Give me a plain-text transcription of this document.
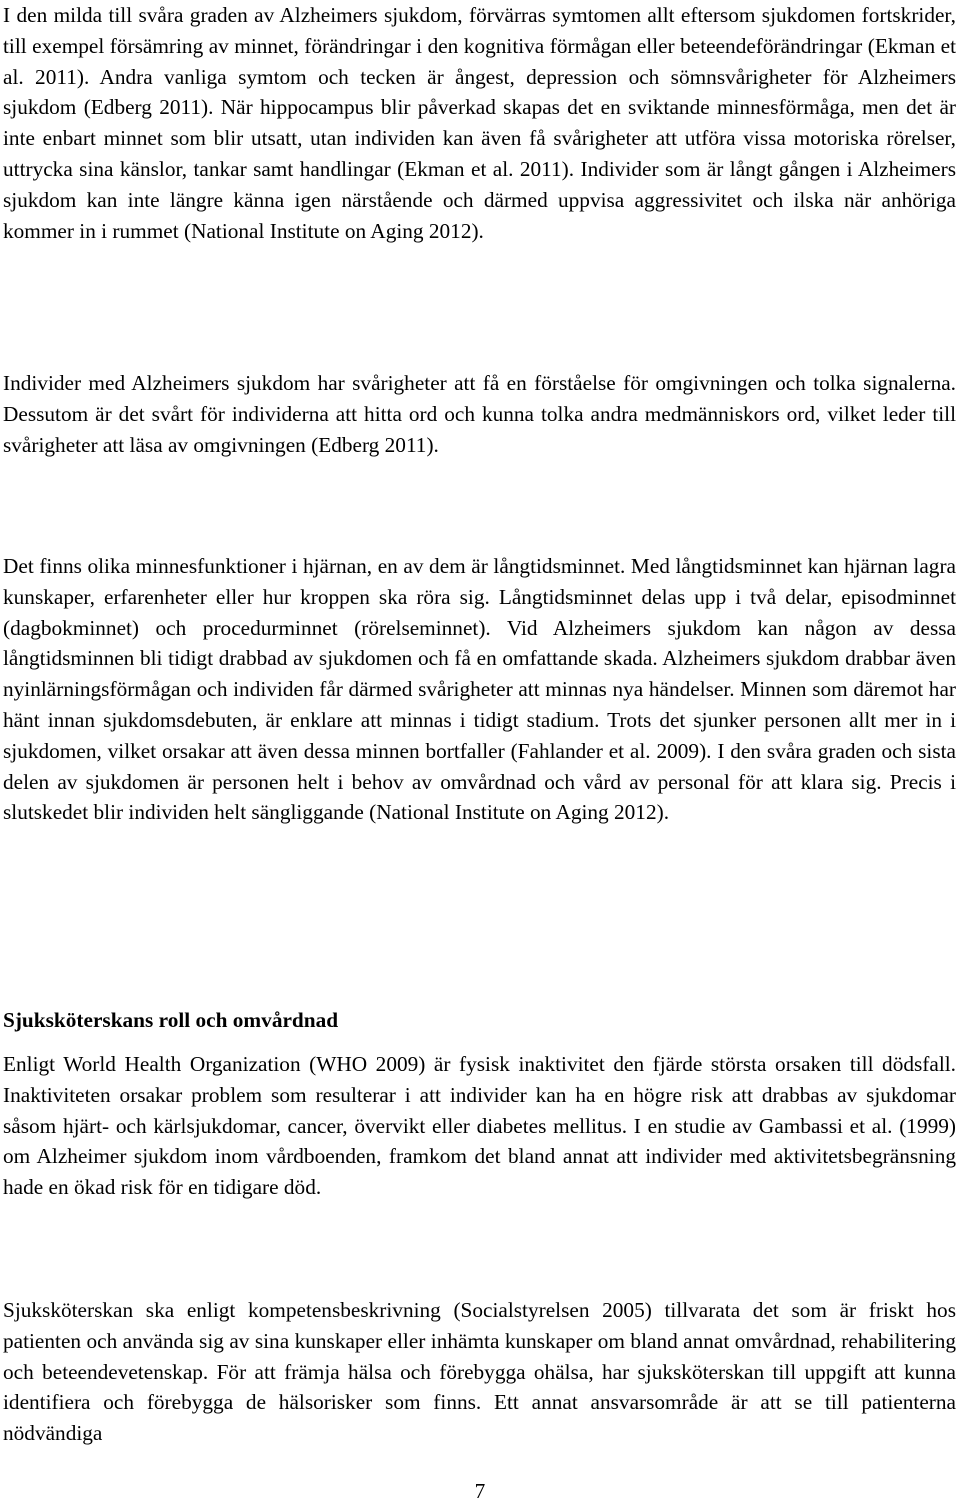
I den milda till svåra graden av Alzheimers sjukdom, förvärras symtomen allt eftersom sjukdomen fortskrider, till exempel försämring av minnet, förändringar i den kognitiva förmågan eller beteendeförändringar (Ekman et al. 2011). Andra vanliga symtom och tecken är ångest, depression och sömnsvårigheter för Alzheimers sjukdom (Edberg 2011). När hippocampus blir påverkad skapas det en sviktande minnesförmåga, men det är inte enbart minnet som blir utsatt, utan individen kan även få svårigheter att utföra vissa motoriska rörelser, uttrycka sina känslor, tankar samt handlingar (Ekman et al. 2011). Individer som är långt gången i Alzheimers sjukdom kan inte längre känna igen närstående och därmed uppvisa aggressivitet och ilska när anhöriga kommer in i rummet (National Institute on Aging 2012).

Individer med Alzheimers sjukdom har svårigheter att få en förståelse för omgivningen och tolka signalerna. Dessutom är det svårt för individerna att hitta ord och kunna tolka andra medmänniskors ord, vilket leder till svårigheter att läsa av omgivningen (Edberg 2011).

Det finns olika minnesfunktioner i hjärnan, en av dem är långtidsminnet. Med långtidsminnet kan hjärnan lagra kunskaper, erfarenheter eller hur kroppen ska röra sig. Långtidsminnet delas upp i två delar, episodminnet (dagbokminnet) och procedurminnet (rörelseminnet). Vid Alzheimers sjukdom kan någon av dessa långtidsminnen bli tidigt drabbad av sjukdomen och få en omfattande skada. Alzheimers sjukdom drabbar även nyinlärningsförmågan och individen får därmed svårigheter att minnas nya händelser. Minnen som däremot har hänt innan sjukdomsdebuten, är enklare att minnas i tidigt stadium. Trots det sjunker personen allt mer in i sjukdomen, vilket orsakar att även dessa minnen bortfaller (Fahlander et al. 2009). I den svåra graden och sista delen av sjukdomen är personen helt i behov av omvårdnad och vård av personal för att klara sig. Precis i slutskedet blir individen helt sängliggande (National Institute on Aging 2012).

Sjuksköterskans roll och omvårdnad

Enligt World Health Organization (WHO 2009) är fysisk inaktivitet den fjärde största orsaken till dödsfall. Inaktiviteten orsakar problem som resulterar i att individer kan ha en högre risk att drabbas av sjukdomar såsom hjärt- och kärlsjukdomar, cancer, övervikt eller diabetes mellitus. I en studie av Gambassi et al. (1999) om Alzheimer sjukdom inom vårdboenden, framkom det bland annat att individer med aktivitetsbegränsning hade en ökad risk för en tidigare död.

Sjuksköterskan ska enligt kompetensbeskrivning (Socialstyrelsen 2005) tillvarata det som är friskt hos patienten och använda sig av sina kunskaper eller inhämta kunskaper om bland annat omvårdnad, rehabilitering och beteendevetenskap. För att främja hälsa och förebygga ohälsa, har sjuksköterskan till uppgift att kunna identifiera och förebygga de hälsorisker som finns. Ett annat ansvarsområde är att se till patienterna nödvändiga

7
